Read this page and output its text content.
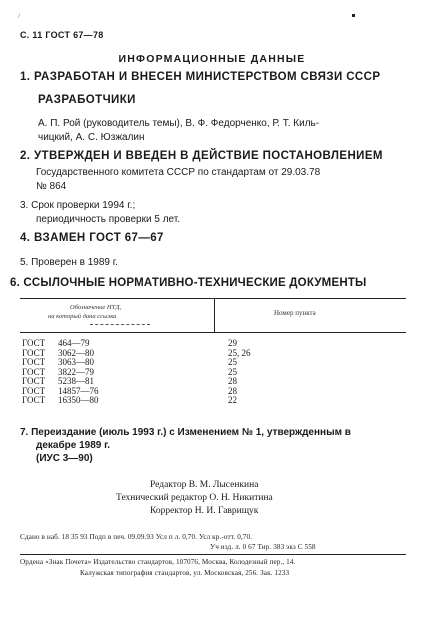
/
С. 11 ГОСТ 67—78
ИНФОРМАЦИОННЫЕ ДАННЫЕ
1. РАЗРАБОТАН И ВНЕСЕН МИНИСТЕРСТВОМ СВЯЗИ СССР
РАЗРАБОТЧИКИ
А. П. Рой (руководитель темы), В. Ф. Федорченко, Р. Т. Киль-
чицкий, А. С. Юзжалин
2. УТВЕРЖДЕН И ВВЕДЕН В ДЕЙСТВИЕ ПОСТАНОВЛЕНИЕМ
Государственного комитета СССР по стандартам от 29.03.78
№ 864
3. Срок проверки 1994 г.;
периодичность проверки 5 лет.
4. ВЗАМЕН ГОСТ 67—67
5. Проверен в 1989 г.
6. ССЫЛОЧНЫЕ НОРМАТИВНО-ТЕХНИЧЕСКИЕ ДОКУМЕНТЫ
Обозначение НТД,
на который дана ссылка	Номер пункта
ГОСТ 464—79	29
ГОСТ 3062—80	25, 26
ГОСТ 3063—80	25
ГОСТ 3822—79	25
ГОСТ 5238—81	28
ГОСТ 14857—76	28
ГОСТ 16350—80	22
7. Переиздание (июль 1993 г.) с Изменением № 1, утвержденным в
декабре 1989 г.
(ИУС 3—90)
Редактор В. М. Лысенкина
Технический редактор О. Н. Никитина
Корректор Н. И. Гаврищук
Сдано в наб. 18 35 93 Подп в печ. 09.09.93 Усл п л. 0,70. Усл кр.-отт. 0,70.
Уч изд. л. 0 67 Тир. 383 экз С 558
Ордена «Знак Почета» Издательство стандартов, 107076, Москва, Колодезный пер., 14.
Калужская типография стандартов, ул. Московская, 256. Зак. 1233
